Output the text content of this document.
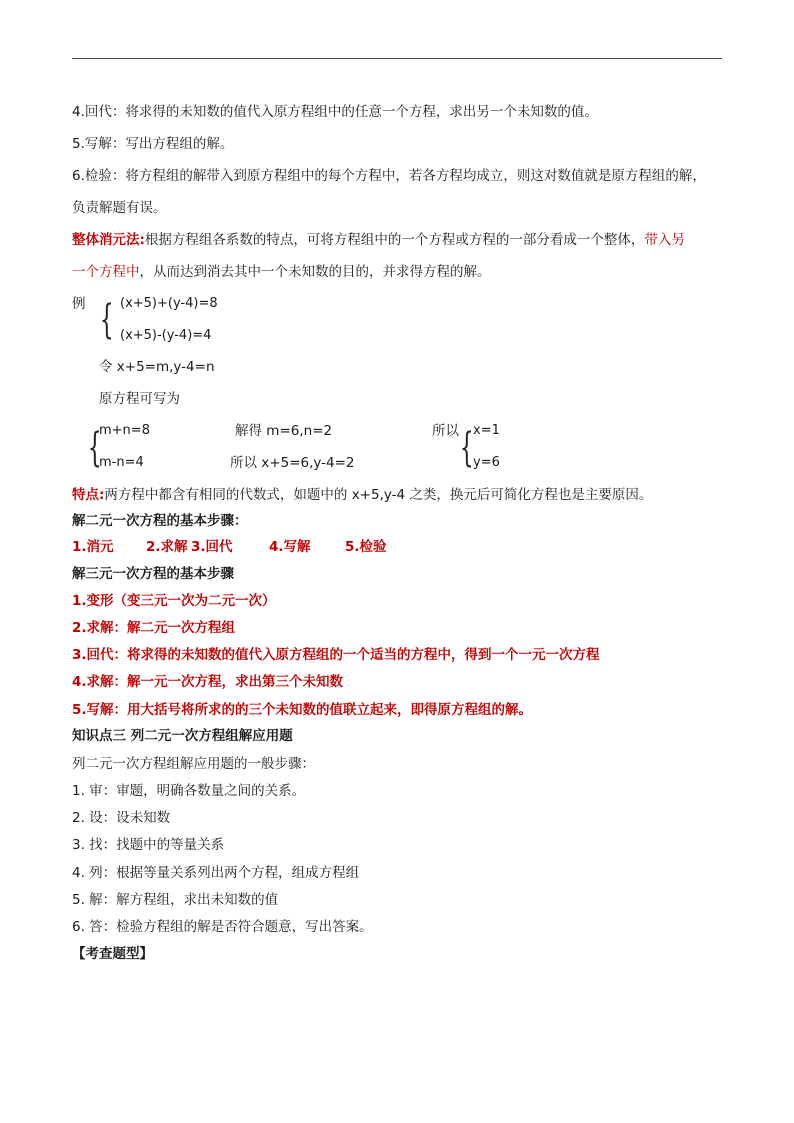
4.回代：将求得的未知数的值代入原方程组中的任意一个方程，求出另一个未知数的值。
5.写解：写出方程组的解。
6.检验：将方程组的解带入到原方程组中的每个方程中，若各方程均成立，则这对数值就是原方程组的解，
负责解题有误。
整体消元法:根据方程组各系数的特点，可将方程组中的一个方程或方程的一部分看成一个整体，带入另
一个方程中，从而达到消去其中一个未知数的目的，并求得方程的解。
例 { (x+5)+(y-4)=8
(x+5)-(y-4)=4
令 x+5=m,y-4=n
原方程可写为
{
m+n=8
m-n=4
解得 m=6,n=2
所以 x+5=6,y-4=2
所以 { x=1
y=6
特点:两方程中都含有相同的代数式，如题中的 x+5,y-4 之类，换元后可简化方程也是主要原因。
解二元一次方程的基本步骤：
1.消元 2.求解 3.回代	4.写解	5.检验
解三元一次方程的基本步骤
1.变形（变三元一次为二元一次）
2.求解：解二元一次方程组
3.回代：将求得的未知数的值代入原方程组的一个适当的方程中，得到一个一元一次方程
4.求解：解一元一次方程，求出第三个未知数
5.写解：用大括号将所求的的三个未知数的值联立起来，即得原方程组的解。
知识点三 列二元一次方程组解应用题
列二元一次方程组解应用题的一般步骤：
1. 审：审题，明确各数量之间的关系。
2. 设：设未知数
3. 找：找题中的等量关系
4. 列：根据等量关系列出两个方程，组成方程组
5. 解：解方程组，求出未知数的值
6. 答：检验方程组的解是否符合题意，写出答案。
【考查题型】
